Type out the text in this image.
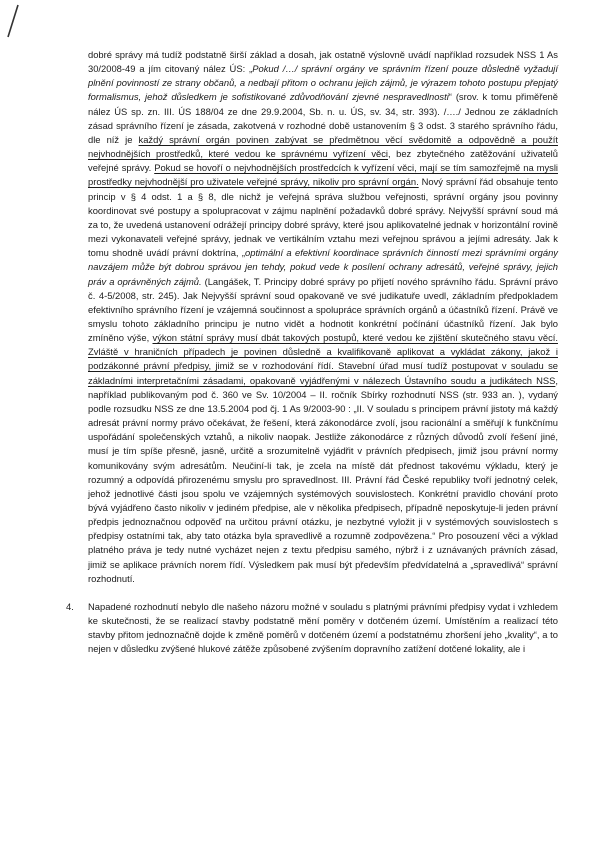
dobré správy má tudíž podstatně širší základ a dosah, jak ostatně výslovně uvádí například rozsudek NSS 1 As 30/2008-49 a jím citovaný nález ÚS: „Pokud /…/ správní orgány ve správním řízení pouze důsledně vyžadují plnění povinností ze strany občanů, a nedbají přitom o ochranu jejich zájmů, je výrazem tohoto postupu přepjatý formalismus, jehož důsledkem je sofistikované zdůvodňování zjevné nespravedlnosti“ (srov. k tomu přiměřeně nález ÚS sp. zn. III. ÚS 188/04 ze dne 29.9.2004, Sb. n. u. ÚS, sv. 34, str. 393). /…./ Jednou ze základních zásad správního řízení je zásada, zakotvená v rozhodné době ustanovením § 3 odst. 3 starého správního řádu, dle níž je každý správní orgán povinen zabývat se předmětnou věcí svědomitě a odpovědně a použít nejvhodnějších prostředků, které vedou ke správnému vyřízení věci, bez zbytečného zatěžování uživatelů veřejné správy. Pokud se hovoří o nejvhodnějších prostředcích k vyřízení věci, mají se tím samozřejmě na mysli prostředky nejvhodnější pro uživatele veřejné správy, nikoliv pro správní orgán. Nový správní řád obsahuje tento princip v § 4 odst. 1 a § 8, dle nichž je veřejná správa službou veřejnosti, správní orgány jsou povinny koordinovat své postupy a spolupracovat v zájmu naplnění požadavků dobré správy. Nejvyšší správní soud má za to, že uvedená ustanovení odrážejí principy dobré správy, které jsou aplikovatelné jednak v horizontální rovině mezi vykonavateli veřejné správy, jednak ve vertikálním vztahu mezi veřejnou správou a jejími adresáty. Jak k tomu shodně uvádí právní doktrína, „optimální a efektivní koordinace správních činností mezi správními orgány navzájem může být dobrou správou jen tehdy, pokud vede k posílení ochrany adresátů, veřejné správy, jejich práv a oprávněných zájmů. (Langášek, T. Principy dobré správy po přijetí nového správního řádu. Správní právo č. 4-5/2008, str. 245). Jak Nejvyšší správní soud opakovaně ve své judikatuře uvedl, základním předpokladem efektivního správního řízení je vzájemná součinnost a spolupráce správních orgánů a účastníků řízení. Právě ve smyslu tohoto základního principu je nutno vidět a hodnotit konkrétní počínání účastníků řízení. Jak bylo zmíněno výše, výkon státní správy musí dbát takových postupů, které vedou ke zjištění skutečného stavu věcí. Zvláště v hraničních případech je povinen důsledně a kvalifikovaně aplikovat a vykládat zákony, jakož i podzákonné právní předpisy, jimiž se v rozhodování řídí. Stavební úřad musí tudíž postupovat v souladu se základními interpretačními zásadami, opakovaně vyjádřenými v nálezech Ústavního soudu a judikátech NSS, například publikovaným pod č. 360 ve Sv. 10/2004 – II. ročník Sbírky rozhodnutí NSS (str. 933 an. ), vydaný podle rozsudku NSS ze dne 13.5.2004 pod čj. 1 As 9/2003-90 : „II. V souladu s principem právní jistoty má každý adresát právní normy právo očekávat, že řešení, která zákonodárce zvolí, jsou racionální a směřují k funkčnímu uspořádání společenských vztahů, a nikoliv naopak. Jestliže zákonodárce z různých důvodů zvolí řešení jiné, musí je tím spíše přesně, jasně, určitě a srozumitelně vyjádřit v právních předpisech, jimiž jsou právní normy komunikovány svým adresátům. Neučiní-li tak, je zcela na místě dát přednost takovému výkladu, který je rozumný a odpovídá přirozenému smyslu pro spravedlnost. III. Právní řád České republiky tvoří jednotný celek, jehož jednotlivé části jsou spolu ve vzájemných systémových souvislostech. Konkrétní pravidlo chování proto bývá vyjádřeno často nikoliv v jediném předpise, ale v několika předpisech, případně neposkytuje-li jeden právní předpis jednoznačnou odpověď na určitou právní otázku, je nezbytné vyložit ji v systémových souvislostech s předpisy ostatními tak, aby tato otázka byla spravedlivě a rozumně zodpovězena.“ Pro posouzení věci a výklad platného práva je tedy nutné vycházet nejen z textu předpisu samého, nýbrž i z uznávaných právních zásad, jimiž se aplikace právních norem řídí. Výsledkem pak musí být především předvídatelná a „spravedlivá“ správní rozhodnutí.

4. Napadené rozhodnutí nebylo dle našeho názoru možné v souladu s platnými právními předpisy vydat i vzhledem ke skutečnosti, že se realizací stavby podstatně mění poměry v dotčeném území. Umístěním a realizací této stavby přitom jednoznačně dojde k změně poměrů v dotčeném území a podstatnému zhoršení jeho „kvality“, a to nejen v důsledku zvýšené hlukové zátěže způsobené zvýšením dopravního zatížení dotčené lokality, ale i
